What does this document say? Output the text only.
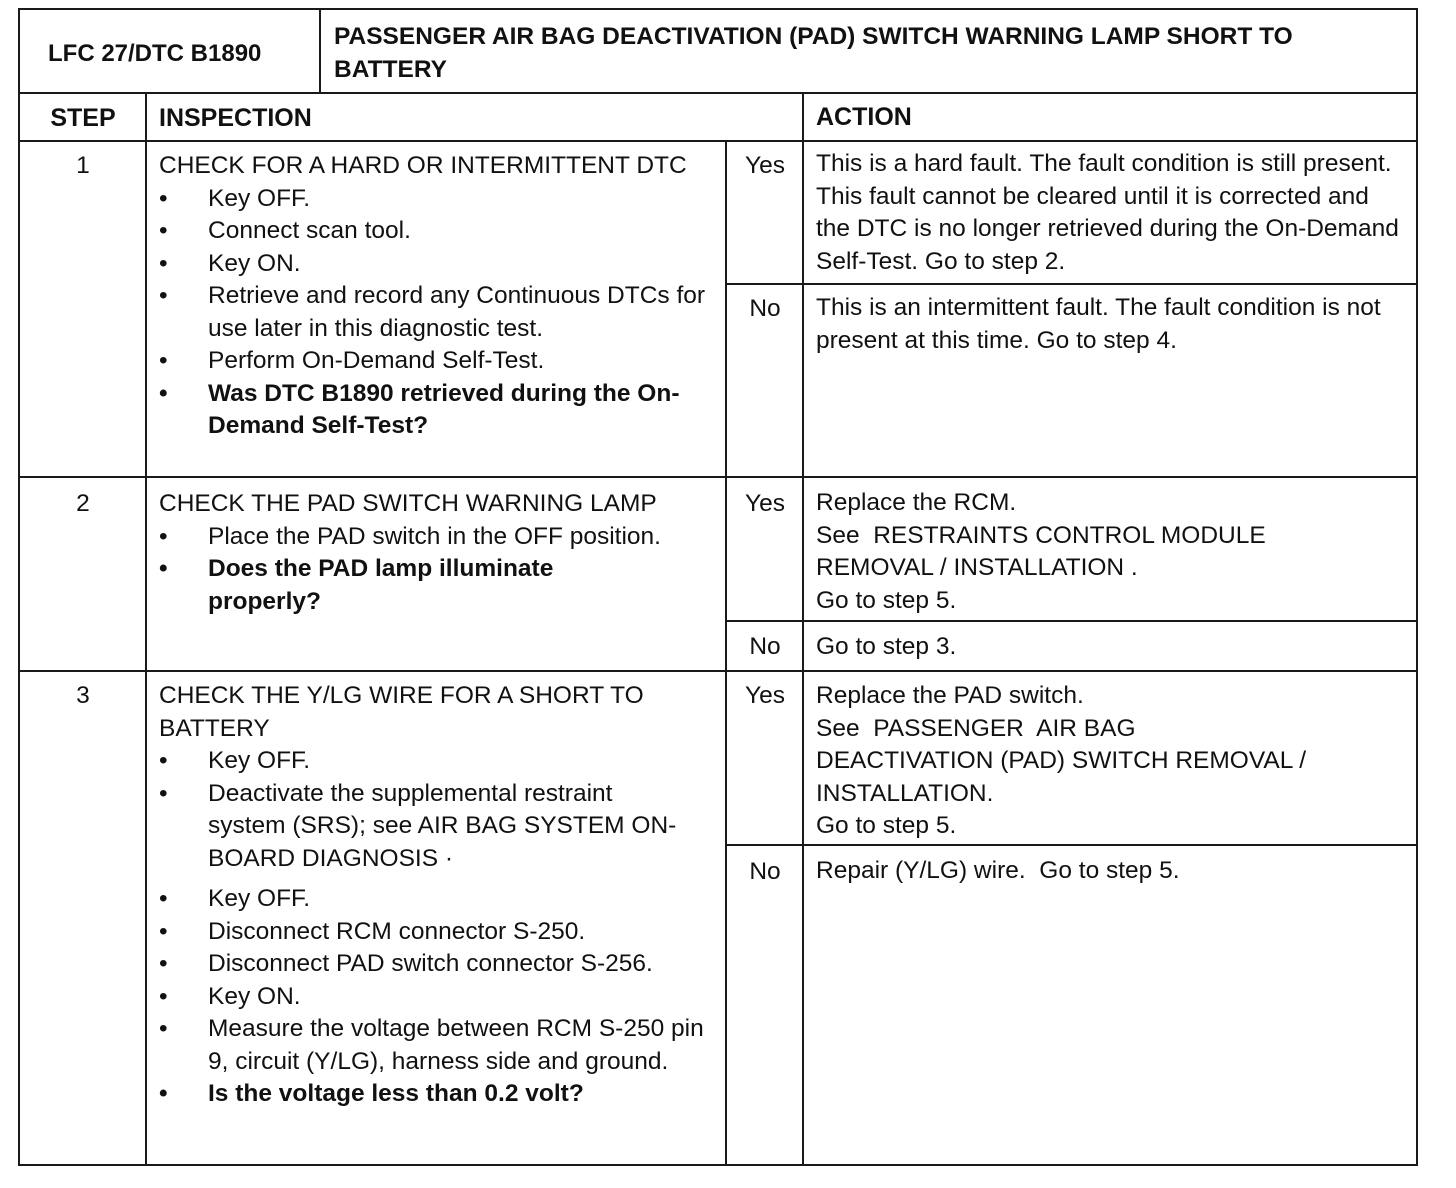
LFC 27/DTC B1890
PASSENGER AIR BAG DEACTIVATION (PAD) SWITCH WARNING LAMP SHORT TO BATTERY
STEP	INSPECTION	ACTION
1	CHECK FOR A HARD OR INTERMITTENT DTC
•	Key OFF.
•	Connect scan tool.
•	Key ON.
•	Retrieve and record any Continuous DTCs for use later in this diagnostic test.
•	Perform On-Demand Self-Test.
•	Was DTC B1890 retrieved during the On-Demand Self-Test?
Yes	This is a hard fault. The fault condition is still present. This fault cannot be cleared until it is corrected and the DTC is no longer retrieved during the On-Demand Self-Test. Go to step 2.
No	This is an intermittent fault. The fault condition is not present at this time. Go to step 4.
2	CHECK THE PAD SWITCH WARNING LAMP
•	Place the PAD switch in the OFF position.
•	Does the PAD lamp illuminate properly?
Yes	Replace the RCM.
See  RESTRAINTS CONTROL MODULE
REMOVAL / INSTALLATION .
Go to step 5.
No	Go to step 3.
3	CHECK THE Y/LG WIRE FOR A SHORT TO BATTERY
•	Key OFF.
•	Deactivate the supplemental restraint system (SRS); see AIR BAG SYSTEM ON-BOARD DIAGNOSIS ·
•	Key OFF.
•	Disconnect RCM connector S-250.
•	Disconnect PAD switch connector S-256.
•	Key ON.
•	Measure the voltage between RCM S-250 pin 9, circuit (Y/LG), harness side and ground.
•	Is the voltage less than 0.2 volt?
Yes	Replace the PAD switch.
See  PASSENGER  AIR BAG
DEACTIVATION (PAD) SWITCH REMOVAL /
INSTALLATION.
Go to step 5.
No	Repair (Y/LG) wire.  Go to step 5.
